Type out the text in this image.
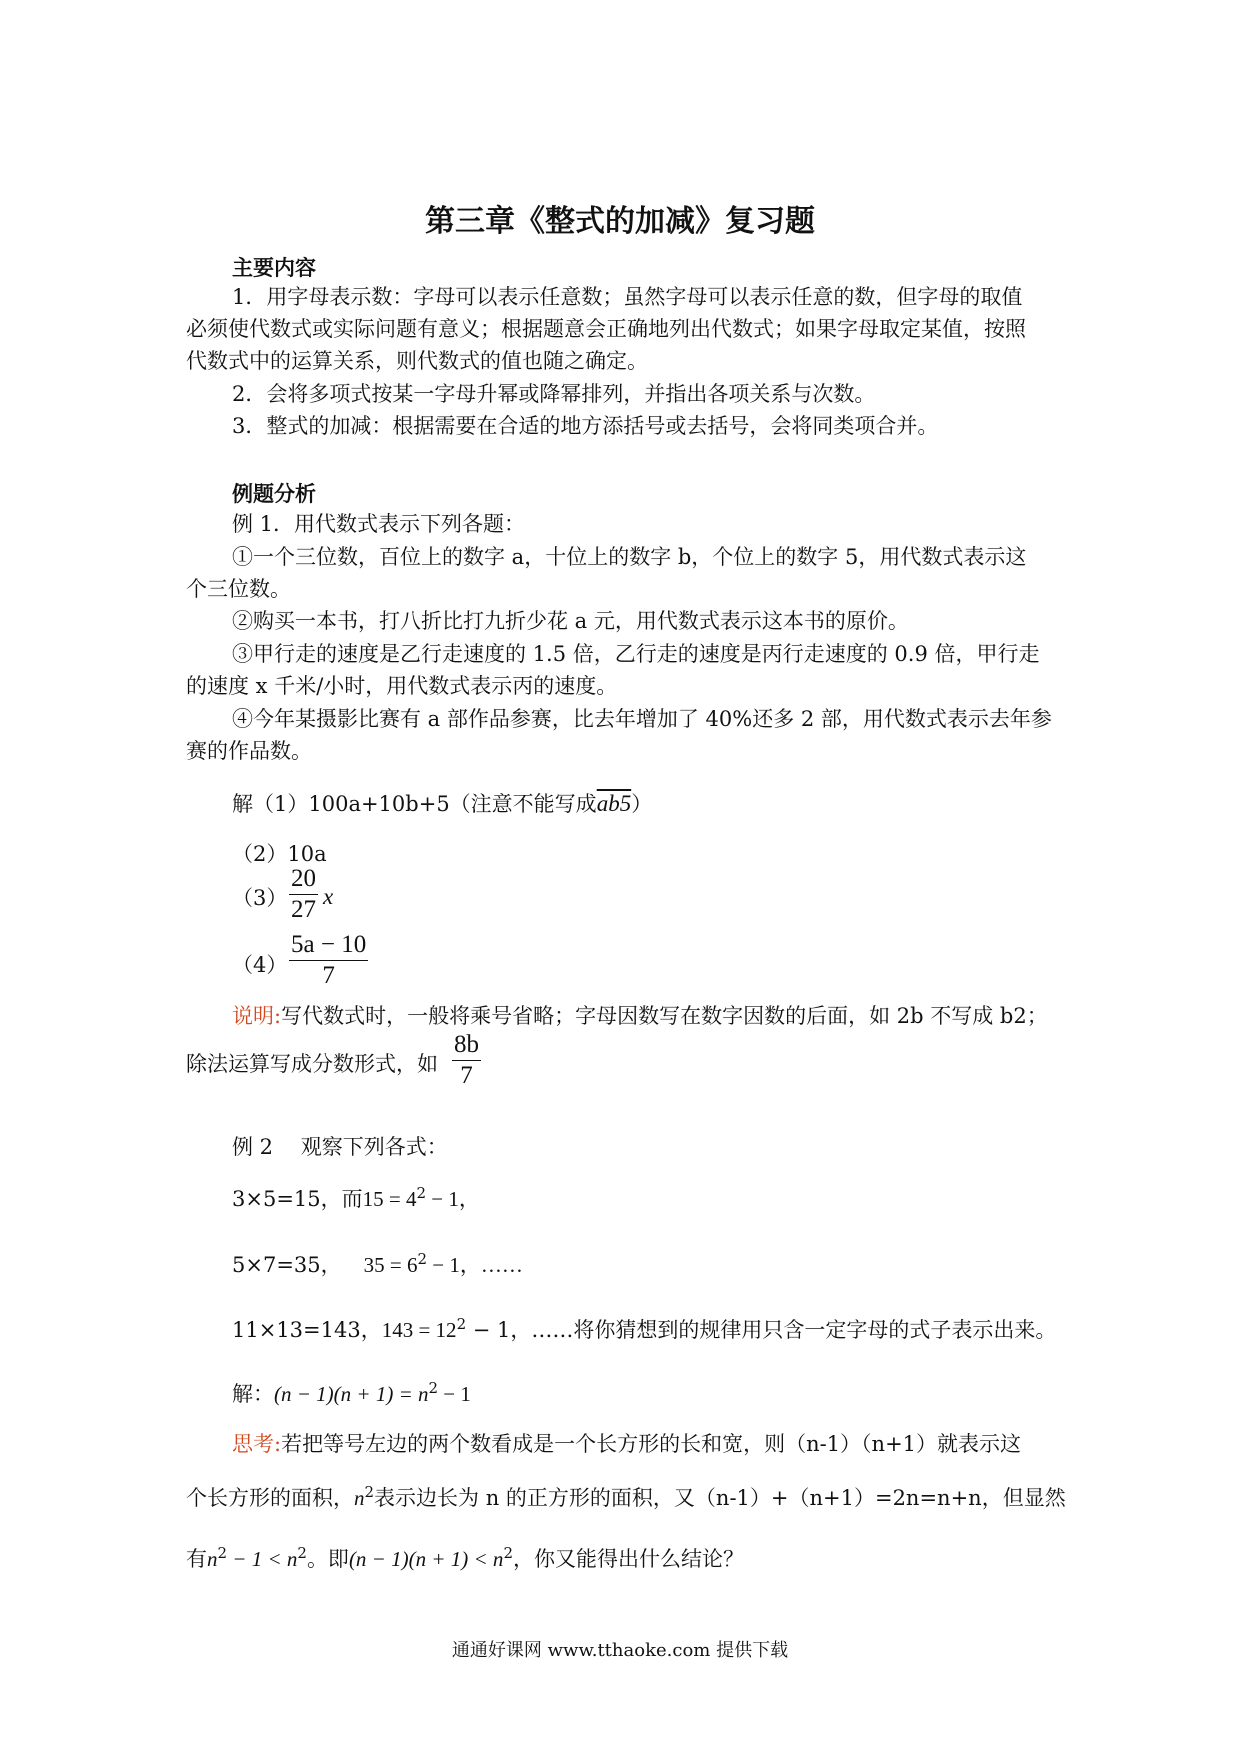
第三章《整式的加减》复习题
主要内容
1．用字母表示数：字母可以表示任意数；虽然字母可以表示任意的数，但字母的取值
必须使代数式或实际问题有意义；根据题意会正确地列出代数式；如果字母取定某值，按照
代数式中的运算关系，则代数式的值也随之确定。
2．会将多项式按某一字母升幂或降幂排列，并指出各项关系与次数。
3．整式的加减：根据需要在合适的地方添括号或去括号，会将同类项合并。
例题分析
例 1．用代数式表示下列各题：
①一个三位数，百位上的数字 a，十位上的数字 b，个位上的数字 5，用代数式表示这
个三位数。
②购买一本书，打八折比打九折少花 a 元，用代数式表示这本书的原价。
③甲行走的速度是乙行走速度的 1.5 倍，乙行走的速度是丙行走速度的 0.9 倍，甲行走
的速度 x 千米/小时，用代数式表示丙的速度。
④今年某摄影比赛有 a 部作品参赛，比去年增加了 40%还多 2 部，用代数式表示去年参
赛的作品数。
解（1）100a+10b+5（注意不能写成ab5）
（2）10a
（3）
20
27 x
（4）
5a − 10
7
说明:写代数式时，一般将乘号省略；字母因数写在数字因数的后面，如 2b 不写成 b2；
除法运算写成分数形式，如
8b
7
例 2　 观察下列各式：
3×5=15，而$15 = 4^2 - 1$，
5×7=35， $35 = 6^2 - 1$，……
11×13=143，$143 = 12^2 - 1$，……将你猜想到的规律用只含一定字母的式子表示出来。
解：$(n - 1)(n + 1) = n^2 - 1$
思考:若把等号左边的两个数看成是一个长方形的长和宽，则（n-1）（n+1）就表示这
个长方形的面积，$n^2$表示边长为 n 的正方形的面积，又（n-1）+（n+1）=2n=n+n，但显然
有$n^2 - 1 < n^2$。即$(n - 1)(n + 1) < n^2$，你又能得出什么结论？
通通好课网 www.tthaoke.com 提供下载
